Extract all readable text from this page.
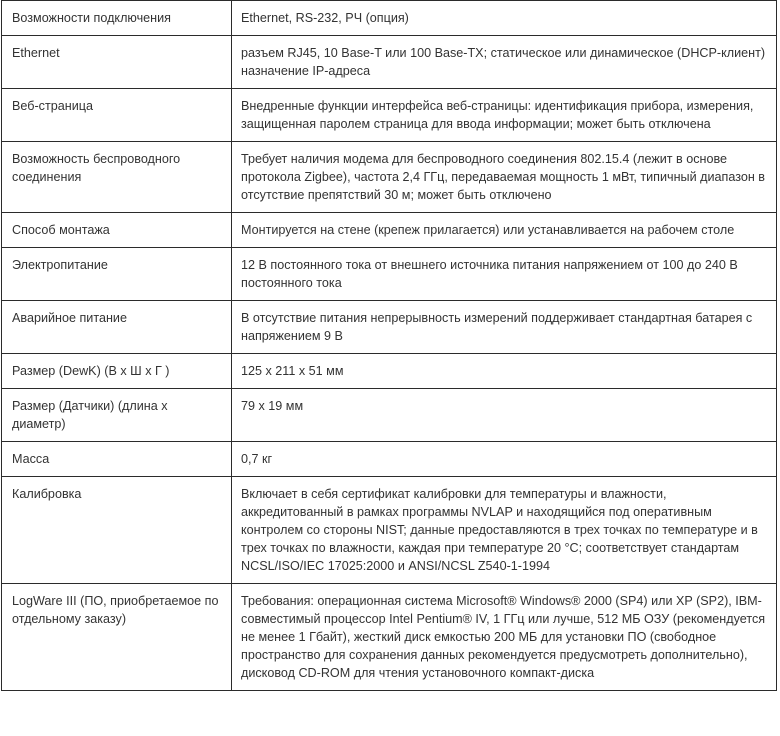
Возможности подключения	Ethernet, RS-232, РЧ (опция)
Ethernet	разъем RJ45, 10 Base-T или 100 Base-TX; статическое или динамическое (DHCP-клиент) назначение IP-адреса
Веб-страница	Внедренные функции интерфейса веб-страницы: идентификация прибора, измерения, защищенная паролем страница для ввода информации; может быть отключена
Возможность беспроводного соединения	Требует наличия модема для беспроводного соединения 802.15.4 (лежит в основе протокола Zigbee), частота 2,4 ГГц, передаваемая мощность 1 мВт, типичный диапазон в отсутствие препятствий 30 м; может быть отключено
Способ монтажа	Монтируется на стене (крепеж прилагается) или устанавливается на рабочем столе
Электропитание	12 В постоянного тока от внешнего источника питания напряжением от 100 до 240 В постоянного тока
Аварийное питание	В отсутствие питания непрерывность измерений поддерживает стандартная батарея с напряжением 9 В
Размер (DewK) (В х Ш х Г )	125 x 211 x 51 мм
Размер (Датчики) (длина х диаметр)	79 х 19 мм
Масса	0,7 кг
Калибровка	Включает в себя сертификат калибровки для температуры и влажности, аккредитованный в рамках программы NVLAP и находящийся под оперативным контролем со стороны NIST; данные предоставляются в трех точках по температуре и в трех точках по влажности, каждая при температуре 20 °C; соответствует стандартам NCSL/ISO/IEC 17025:2000 и ANSI/NCSL Z540-1-1994
LogWare III (ПО, приобретаемое по отдельному заказу)	Требования: операционная система Microsoft® Windows® 2000 (SP4) или XP (SP2), IBM-совместимый процессор Intel Pentium® IV, 1 ГГц или лучше, 512 МБ ОЗУ (рекомендуется не менее 1 Гбайт), жесткий диск емкостью 200 МБ для установки ПО (свободное пространство для сохранения данных рекомендуется предусмотреть дополнительно), дисковод CD-ROM для чтения установочного компакт-диска
